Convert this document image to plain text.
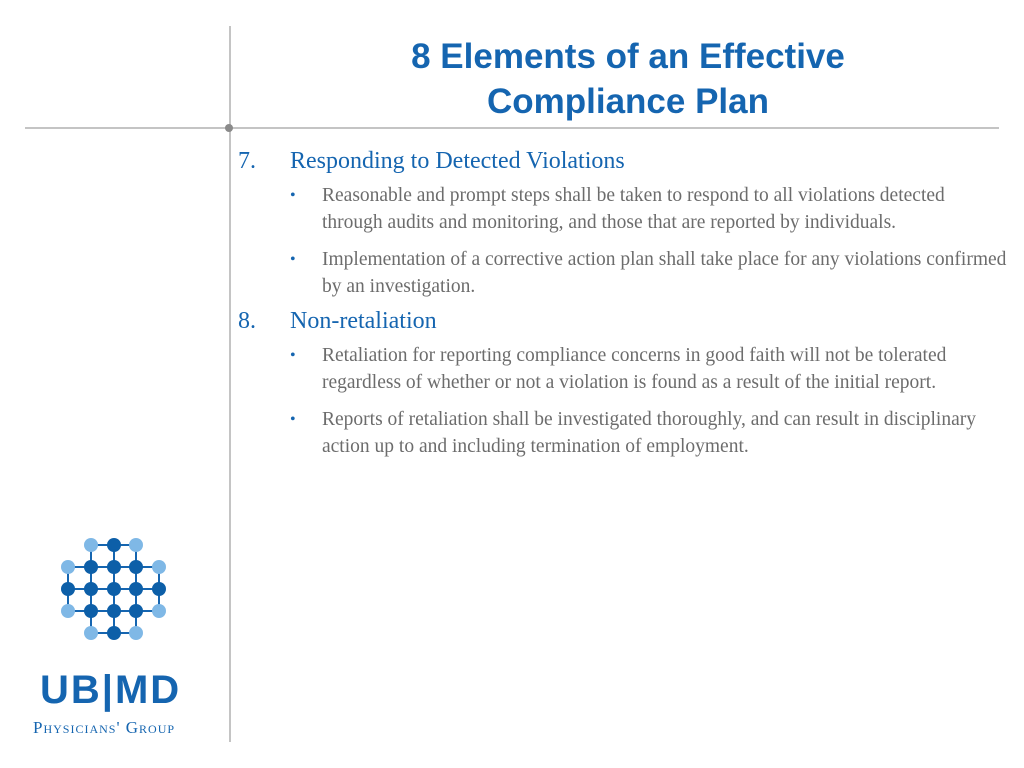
8 Elements of an Effective
Compliance Plan
7.	Responding to Detected Violations
•	Reasonable and prompt steps shall be taken to respond to all violations detected through audits and monitoring, and those that are reported by individuals.
•	Implementation of a corrective action plan shall take place for any violations confirmed by an investigation.
8.	Non-retaliation
•	Retaliation for reporting compliance concerns in good faith will not be tolerated regardless of whether or not a violation is found as a result of the initial report.
•	Reports of retaliation shall be investigated thoroughly, and can result in disciplinary action up to and including termination of employment.
UB|MD
Physicians' Group
